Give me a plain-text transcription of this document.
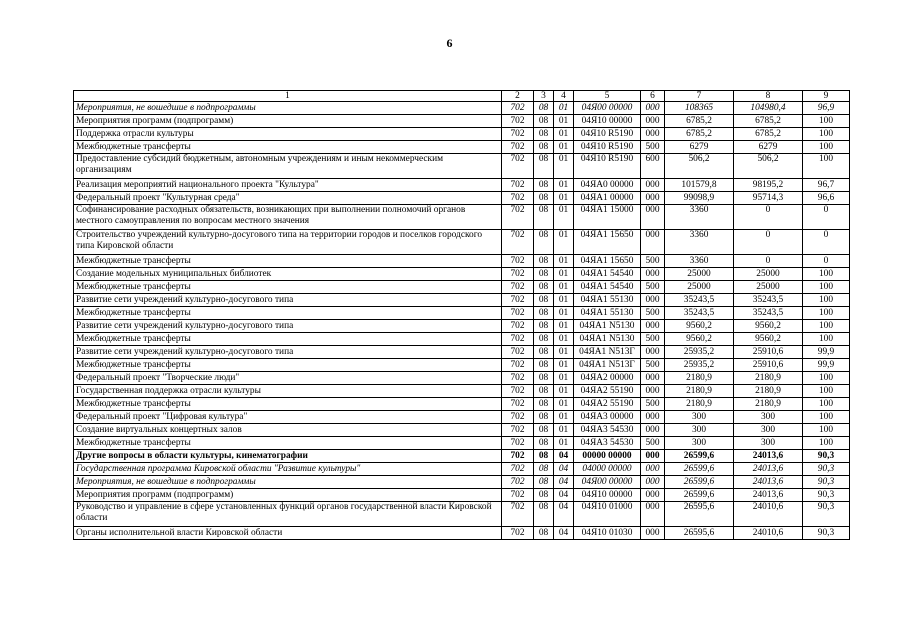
6
1	2	3	4	5	6	7	8	9
Мероприятия, не вошедшие в подпрограммы	702	08	01	04Я00 00000	000	108365	104980,4	96,9
Мероприятия программ (подпрограмм)	702	08	01	04Я10 00000	000	6785,2	6785,2	100
Поддержка отрасли культуры	702	08	01	04Я10 R5190	000	6785,2	6785,2	100
Межбюджетные трансферты	702	08	01	04Я10 R5190	500	6279	6279	100
Предоставление субсидий бюджетным, автономным учреждениям и иным некоммерческим организациям	702	08	01	04Я10 R5190	600	506,2	506,2	100
Реализация мероприятий национального проекта "Культура"	702	08	01	04ЯА0 00000	000	101579,8	98195,2	96,7
Федеральный проект "Культурная среда"	702	08	01	04ЯА1 00000	000	99098,9	95714,3	96,6
Софинансирование расходных обязательств, возникающих при выполнении полномочий органов местного самоуправления по вопросам местного значения	702	08	01	04ЯА1 15000	000	3360	0	0
Строительство учреждений культурно-досугового типа на территории городов и поселков городского типа Кировской области	702	08	01	04ЯА1 15650	000	3360	0	0
Межбюджетные трансферты	702	08	01	04ЯА1 15650	500	3360	0	0
Создание модельных муниципальных библиотек	702	08	01	04ЯА1 54540	000	25000	25000	100
Межбюджетные трансферты	702	08	01	04ЯА1 54540	500	25000	25000	100
Развитие сети учреждений культурно-досугового типа	702	08	01	04ЯА1 55130	000	35243,5	35243,5	100
Межбюджетные трансферты	702	08	01	04ЯА1 55130	500	35243,5	35243,5	100
Развитие сети учреждений культурно-досугового типа	702	08	01	04ЯА1 N5130	000	9560,2	9560,2	100
Межбюджетные трансферты	702	08	01	04ЯА1 N5130	500	9560,2	9560,2	100
Развитие сети учреждений культурно-досугового типа	702	08	01	04ЯА1 N513Г	000	25935,2	25910,6	99,9
Межбюджетные трансферты	702	08	01	04ЯА1 N513Г	500	25935,2	25910,6	99,9
Федеральный проект "Творческие люди"	702	08	01	04ЯА2 00000	000	2180,9	2180,9	100
Государственная поддержка отрасли культуры	702	08	01	04ЯА2 55190	000	2180,9	2180,9	100
Межбюджетные трансферты	702	08	01	04ЯА2 55190	500	2180,9	2180,9	100
Федеральный проект "Цифровая культура"	702	08	01	04ЯА3 00000	000	300	300	100
Создание виртуальных концертных залов	702	08	01	04ЯА3 54530	000	300	300	100
Межбюджетные трансферты	702	08	01	04ЯА3 54530	500	300	300	100
Другие вопросы в области культуры, кинематографии	702	08	04	00000 00000	000	26599,6	24013,6	90,3
Государственная программа Кировской области "Развитие культуры"	702	08	04	04000 00000	000	26599,6	24013,6	90,3
Мероприятия, не вошедшие в подпрограммы	702	08	04	04Я00 00000	000	26599,6	24013,6	90,3
Мероприятия программ (подпрограмм)	702	08	04	04Я10 00000	000	26599,6	24013,6	90,3
Руководство и управление в сфере установленных функций органов государственной власти Кировской области	702	08	04	04Я10 01000	000	26595,6	24010,6	90,3
Органы исполнительной власти Кировской области	702	08	04	04Я10 01030	000	26595,6	24010,6	90,3
